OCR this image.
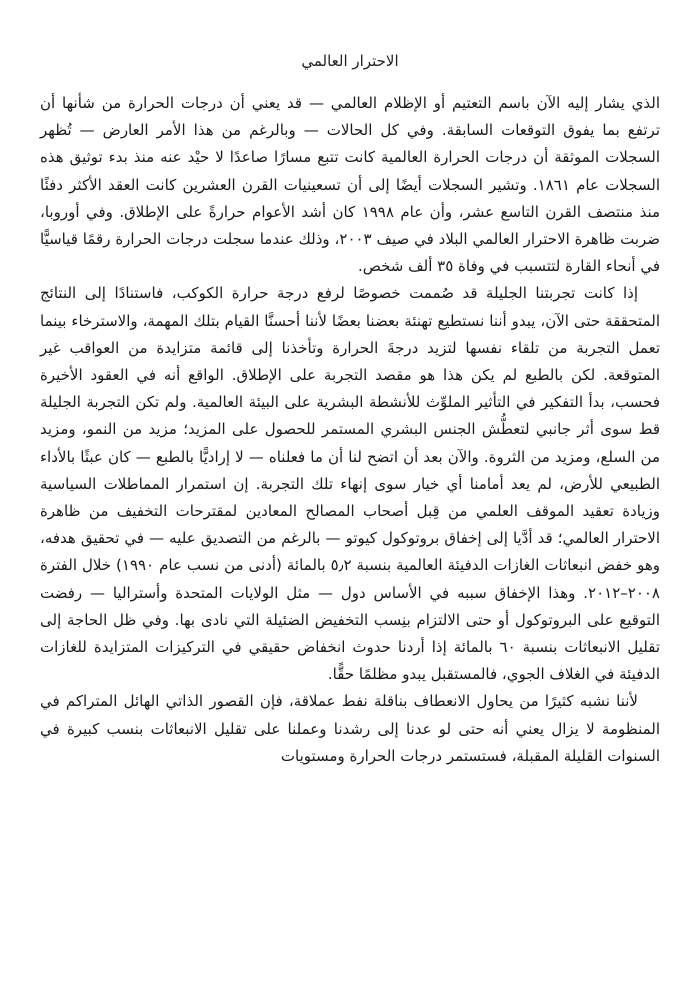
الاحترار العالمي

الذي يشار إليه الآن باسم التعتيم أو الإظلام العالمي — قد يعني أن درجات الحرارة من شأنها أن ترتفع بما يفوق التوقعات السابقة. وفي كل الحالات — وبالرغم من هذا الأمر العارض — تُظهر السجلات الموثقة أن درجات الحرارة العالمية كانت تتبع مسارًا صاعدًا لا حيْد عنه منذ بدء توثيق هذه السجلات عام ١٨٦١. وتشير السجلات أيضًا إلى أن تسعينيات القرن العشرين كانت العقد الأكثر دفئًا منذ منتصف القرن التاسع عشر، وأن عام ١٩٩٨ كان أشد الأعوام حرارةً على الإطلاق. وفي أوروبا، ضربت ظاهرة الاحترار العالمي البلاد في صيف ٢٠٠٣، وذلك عندما سجلت درجات الحرارة رقمًا قياسيًّا في أنحاء القارة لتتسبب في وفاة ٣٥ ألف شخص.

إذا كانت تجربتنا الجليلة قد صُممت خصوصًا لرفع درجة حرارة الكوكب، فاستنادًا إلى النتائج المتحققة حتى الآن، يبدو أننا نستطيع تهنئة بعضنا بعضًا لأننا أحسنَّا القيام بتلك المهمة، والاسترخاء بينما تعمل التجربة من تلقاء نفسها لتزيد درجةَ الحرارة وتأخذنا إلى قائمة متزايدة من العواقب غير المتوقعة. لكن بالطبع لم يكن هذا هو مقصد التجربة على الإطلاق. الواقع أنه في العقود الأخيرة فحسب، بدأ التفكير في التأثير الملوِّث للأنشطة البشرية على البيئة العالمية. ولم تكن التجربة الجليلة قط سوى أثر جانبي لتعطُّش الجنس البشري المستمر للحصول على المزيد؛ مزيد من النمو، ومزيد من السلع، ومزيد من الثروة. والآن بعد أن اتضح لنا أن ما فعلناه — لا إراديًّا بالطبع — كان عبثًا بالأداء الطبيعي للأرض، لم يعد أمامنا أي خيار سوى إنهاء تلك التجربة. إن استمرار المماطلات السياسية وزيادة تعقيد الموقف العلمي من قِبل أصحاب المصالح المعادين لمقترحات التخفيف من ظاهرة الاحترار العالمي؛ قد أدَّيا إلى إخفاق بروتوكول كيوتو — بالرغم من التصديق عليه — في تحقيق هدفه، وهو خفض انبعاثات الغازات الدفيئة العالمية بنسبة ٥٫٢ بالمائة (أدنى من نسب عام ١٩٩٠) خلال الفترة ٢٠٠٨–٢٠١٢. وهذا الإخفاق سببه في الأساس دول — مثل الولايات المتحدة وأستراليا — رفضت التوقيع على البروتوكول أو حتى الالتزام بنِسب التخفيض الضئيلة التي نادى بها. وفي ظل الحاجة إلى تقليل الانبعاثات بنسبة ٦٠ بالمائة إذا أردنا حدوث انخفاض حقيقي في التركيزات المتزايدة للغازات الدفيئة في الغلاف الجوي، فالمستقبل يبدو مظلمًا حقًّا.

لأننا نشبه كثيرًا من يحاول الانعطاف بناقلة نفط عملاقة، فإن القصور الذاتي الهائل المتراكم في المنظومة لا يزال يعني أنه حتى لو عدنا إلى رشدنا وعملنا على تقليل الانبعاثات بنسب كبيرة في السنوات القليلة المقبلة، فستستمر درجات الحرارة ومستويات
